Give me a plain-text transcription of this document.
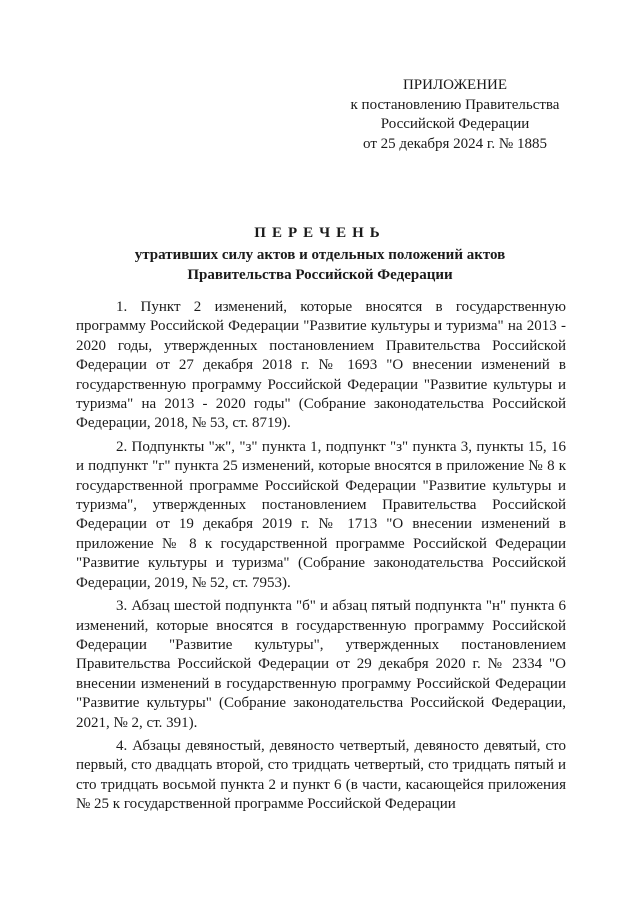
ПРИЛОЖЕНИЕ
к постановлению Правительства
Российской Федерации
от 25 декабря 2024 г. № 1885
ПЕРЕЧЕНЬ
утративших силу актов и отдельных положений актов
Правительства Российской Федерации

1. Пункт 2 изменений, которые вносятся в государственную программу Российской Федерации "Развитие культуры и туризма" на 2013 - 2020 годы, утвержденных постановлением Правительства Российской Федерации от 27 декабря 2018 г. № 1693 "О внесении изменений в государственную программу Российской Федерации "Развитие культуры и туризма" на 2013 - 2020 годы" (Собрание законодательства Российской Федерации, 2018, № 53, ст. 8719).

2. Подпункты "ж", "з" пункта 1, подпункт "з" пункта 3, пункты 15, 16 и подпункт "г" пункта 25 изменений, которые вносятся в приложение № 8 к государственной программе Российской Федерации "Развитие культуры и туризма", утвержденных постановлением Правительства Российской Федерации от 19 декабря 2019 г. № 1713 "О внесении изменений в приложение № 8 к государственной программе Российской Федерации "Развитие культуры и туризма" (Собрание законодательства Российской Федерации, 2019, № 52, ст. 7953).

3. Абзац шестой подпункта "б" и абзац пятый подпункта "н" пункта 6 изменений, которые вносятся в государственную программу Российской Федерации "Развитие культуры", утвержденных постановлением Правительства Российской Федерации от 29 декабря 2020 г. № 2334 "О внесении изменений в государственную программу Российской Федерации "Развитие культуры" (Собрание законодательства Российской Федерации, 2021, № 2, ст. 391).

4. Абзацы девяностый, девяносто четвертый, девяносто девятый, сто первый, сто двадцать второй, сто тридцать четвертый, сто тридцать пятый и сто тридцать восьмой пункта 2 и пункт 6 (в части, касающейся приложения № 25 к государственной программе Российской Федерации
